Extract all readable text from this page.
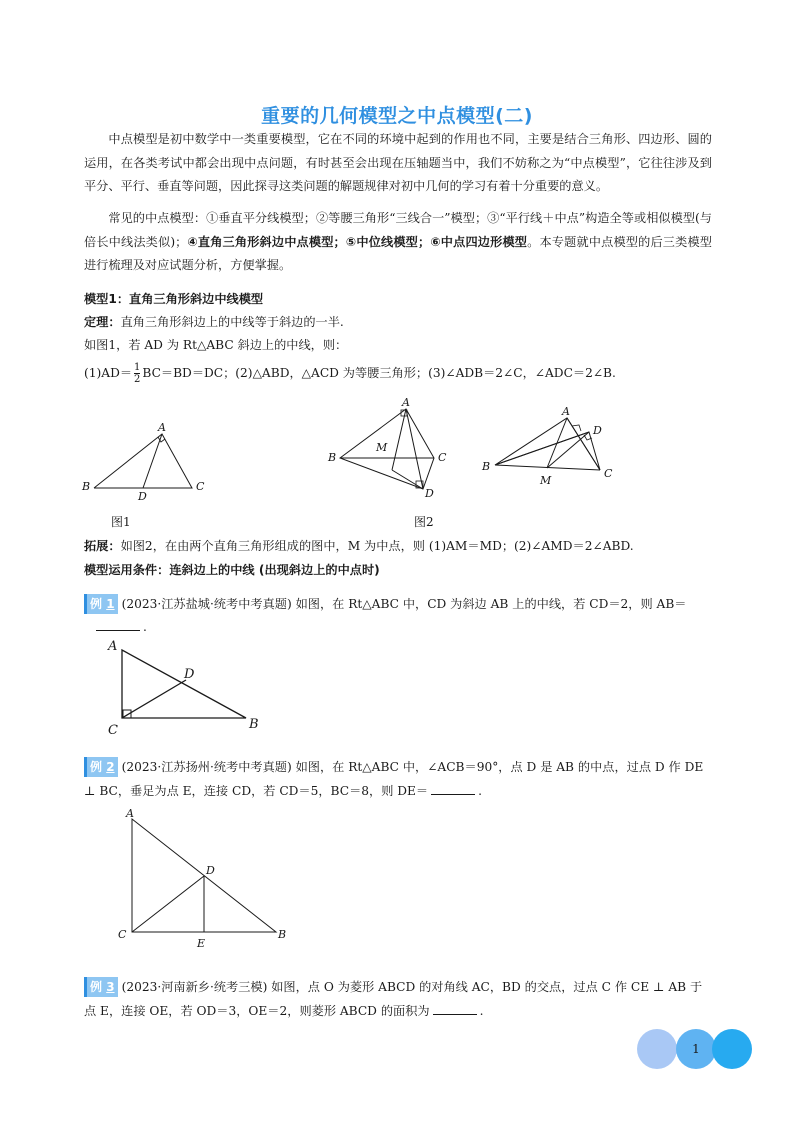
重要的几何模型之中点模型(二)
中点模型是初中数学中一类重要模型，它在不同的环境中起到的作用也不同，主要是结合三角形、四边形、圆的运用，在各类考试中都会出现中点问题，有时甚至会出现在压轴题当中，我们不妨称之为“中点模型”，它往往涉及到平分、平行、垂直等问题，因此探寻这类问题的解题规律对初中几何的学习有着十分重要的意义。
常见的中点模型：①垂直平分线模型；②等腰三角形“三线合一”模型；③“平行线＋中点”构造全等或相似模型(与倍长中线法类似)；④直角三角形斜边中点模型；⑤中位线模型；⑥中点四边形模型。本专题就中点模型的后三类模型进行梳理及对应试题分析，方便掌握。
模型1：直角三角形斜边中线模型
定理：直角三角形斜边上的中线等于斜边的一半.
如图1，若 AD 为 Rt△ABC 斜边上的中线，则：
$(1)AD= \frac{1}{2} BC=BD=DC$；(2)△ABD，△ACD 为等腰三角形；(3)∠ADB＝2∠C，∠ADC＝2∠B.
A
B	C
D
图1
A
B	C
D
M
图2
A
B
C
D
M
拓展：如图2，在由两个直角三角形组成的图中，M 为中点，则 (1)AM＝MD；(2)∠AMD＝2∠ABD.
模型运用条件：连斜边上的中线 (出现斜边上的中点时)
例 1 (2023·江苏盐城·统考中考真题) 如图，在 Rt△ABC 中，CD 为斜边 AB 上的中线，若 CD＝2，则 AB＝
.
A
C	B
D
例 2 (2023·江苏扬州·统考中考真题) 如图，在 Rt△ABC 中，∠ACB＝90°，点 D 是 AB 的中点，过点 D 作 DE
⊥ BC，垂足为点 E，连接 CD，若 CD＝5，BC＝8，则 DE＝	.
A
C	B
D
E
例 3 (2023·河南新乡·统考三模) 如图，点 O 为菱形 ABCD 的对角线 AC，BD 的交点，过点 C 作 CE ⊥ AB 于
点 E，连接 OE，若 OD＝3，OE＝2，则菱形 ABCD 的面积为	.
1
